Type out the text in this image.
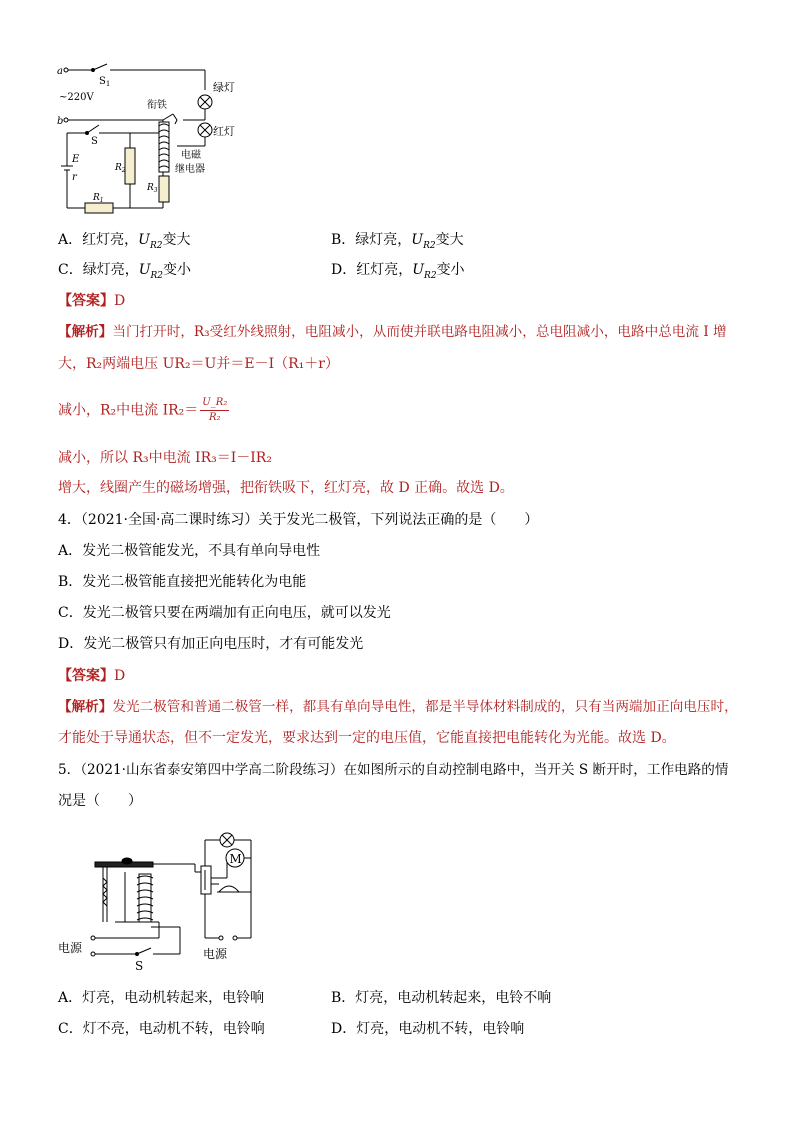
a
$S_1$
~220V
衔铁
绿灯
红灯
b
S
E
r
$R_2$
$R_3$
$R_1$
电磁
继电器
A．红灯亮，$U_{R2}$变大	B．绿灯亮，$U_{R2}$变大
C．绿灯亮，$U_{R2}$变小	D．红灯亮，$U_{R2}$变小
【答案】D
【解析】当门打开时，R₃受红外线照射，电阻减小，从而使并联电路电阻减小，总电阻减小，电路中总电流 I 增
大，R₂两端电压 UR₂＝U并＝E－I（R₁＋r）
减小，R₂中电流 $IR_2= \frac{\text{U\_R₂}}{\text{R₂}}$
减小，所以 R₃中电流 IR₃＝I－IR₂
增大，线圈产生的磁场增强，把衔铁吸下，红灯亮，故 D 正确。故选 D。
4．（2021·全国·高二课时练习）关于发光二极管，下列说法正确的是（　　）
A．发光二极管能发光，不具有单向导电性
B．发光二极管能直接把光能转化为电能
C．发光二极管只要在两端加有正向电压，就可以发光
D．发光二极管只有加正向电压时，才有可能发光
【答案】D
【解析】发光二极管和普通二极管一样，都具有单向导电性，都是半导体材料制成的，只有当两端加正向电压时，
才能处于导通状态，但不一定发光，要求达到一定的电压值，它能直接把电能转化为光能。故选 D。
5．（2021·山东省泰安第四中学高二阶段练习）在如图所示的自动控制电路中，当开关 S 断开时，工作电路的情
况是（　　）
M
电源
S
电源
A．灯亮，电动机转起来，电铃响	B．灯亮，电动机转起来，电铃不响
C．灯不亮，电动机不转，电铃响	D．灯亮，电动机不转，电铃响
